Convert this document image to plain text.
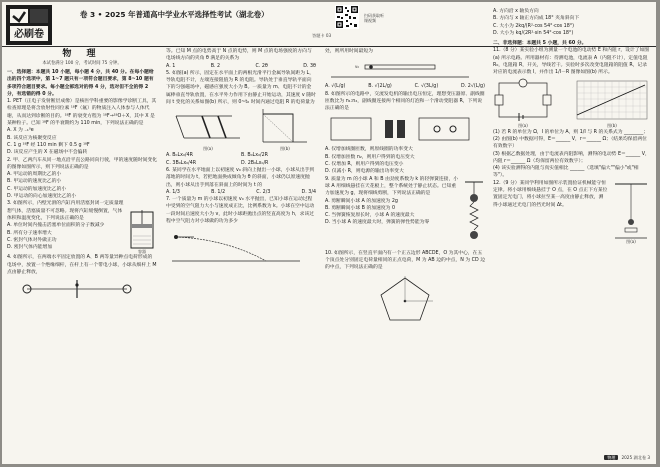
必刷卷
卷 3 • 2025 年普通高中学业水平选择性考试（湖北卷）
答题卡 03
扫码获取听课视频
物 理
本试卷满分 100 分，考试时间 75 分钟。

一、选择题：本题共 10 小题，每小题 4 分，共 40 分。在每小题给出的四个选项中，第 1~7 题只有一项符合题目要求，第 8~10 题有多项符合题目要求。每小题全部选对的得 4 分，选对但不全的得 2 分，有选错的得 0 分。

1. PET（正电子发射断层成像）是核医学科重要的影像学诊断工具，其检查原理是将含放射性同位素 ¹⁸F（氟）的物质注入人体参与人体代谢，从而达到诊断的目的。¹⁸F 的衰变方程为 ¹⁸F→¹⁸O＋X，其中 X 是某种粒子。已知 ¹⁸F 的半衰期约为 110 min，下列说法正确的是

A. X 为 ₋₁⁰e

B. 该反应为核聚变反应

C. 1 g ¹⁸F 经 110 min 剩下 0.5 g ¹⁸F

D. 该反应产生的 X 在磁场中不会偏转

2. 甲、乙两汽车从同一地点沿平直公路同向行驶，甲的速度随时间变化的图像如图所示，则下列说法正确的是

A. 甲运动的周期比乙的小

B. 甲运动的速度比乙的小

C. 甲运动的加速度比乙的小

D. 甲运动的向心加速度比乙的小

3. 如图所示，内壁光滑的汽缸内用活塞封闭一定质量理想气体，活塞质量不可忽略。现将汽缸缓慢倒置，气体体积和温度变化，下列说法正确的是

A. 单位时间内撞击活塞单位面积的分子数减少

B. 所有分子速率增大

C. 密封气体对外做正功

D. 密封气体内能增加

容器

4. 如图所示，在两端水平固定放置的 A、B 两等量异种点电荷形成的电场中，放置一个绝缘细杆，在杆上有一个带电小球，小球从细杆上 M 点由静止释放，

等。已知 M 点的电势高于 N 点的电势，则 M 点的电场强度的方向与电场线方向的夹角 θ 满足的关系为

A. 1	B. 2	C. 2θ	D. 3θ

5. 如图(a) 所示，固定在水平面上的两根光滑平行金属导轨间距为 L，导轨电阻不计，左端连接阻值为 R 的电阻。导轨处于垂直导轨平面向下的匀强磁场中，磁感应强度大小为 B。一质量为 m、电阻不计的金属棒垂直导轨放置，在水平外力作用下由静止开始运动，其速度 v 随时间 t 变化的关系如图(b) 所示，则 0~t₀ 时间内通过电阻 R 的电荷量为

图(a)	图(b)
A. B₀Lx₀/4R	B. B₀Lx₀/2R
C. 3B₀Lx₀/4R	D. 2B₀Lx₀/R

6. 某同学在水平地面上以初速度 v₀ 斜向上抛出一小球，小球从出手到落地的时间为 t，若把地面换成倾角为 θ 的斜面，小球仍以原速度抛出，则小球从出手到落在斜面上的时间为 t 的

A. 1/3	B. 1/2	C. 2/3	D. 3/4

7. 一个质量为 m 的小球以初速度 v₀ 水平抛出，已知小球在运动过程中受到的空气阻力大小与速度成正比，比例系数为 k。小球在空中运动一段时间后速度大小为 v，此时小球距抛出点的竖直高度为 h，求该过程中空气阻力对小球做的功为多少

处，则所用时间最短为

v₀
A. √(L/g)	B. √(2L/g)	C. √(3L/g)	D. 2√(L/g)

8. 如图所示的电路中，交流发电机的输出电压恒定，理想变压器原、副线圈匝数比为 n₁:n₂，副线圈连接两个相同的灯泡和一个滑动变阻器 R，下列说法正确的是

A. 仅增加线圈匝数，则原线圈的功率变大

B. 仅增加匝数 n₂，则用户得到的电压变大

C. 仅增加 R，则用户得到的电压变小

D. 仅减小 R，则电源的输出功率变大

9. 质量为 m 的小球 A 和 B 由劲度系数为 k 的轻弹簧连接，小球 A 用细线悬挂在天花板上，整个系统处于静止状态。已知重力加速度为 g，现将细线剪断，下列说法正确的是

A. 剪断瞬间小球 A 的加速度为 2g

B. 剪断瞬间小球 B 的加速度为 0

C. 当弹簧恢复原长时，小球 A 的速度最大

D. 当小球 A 的速度最大时，弹簧的弹性势能为零

10. 如图所示，在竖直平面内有一个正五边形 ABCDE，O 为其中心，在五个顶点处分别固定电荷量相同的正点电荷，M 为 AB 边的中点，N 为 CD 边的中点，下列说法正确的是

A. 方向沿 x 轴负方向

B. 方向与 x 轴正方向成 18° 夹角斜向下

C. 大小为 2kq/(R²·cos 54°·cos 18°)

D. 大小为 kq/(2R²·sin 54°·cos 18°)

二、非选择题：本题共 5 小题，共 60 分。

11.（8 分）某实验小组为测量一个电池的电动势 E 和内阻 r，设计了如图(a) 所示电路。所用器材有：待测电池，电流表 A（内阻不计），定值电阻 R₀，电阻箱 R，开关，导线若干。实验时多次改变电阻箱的阻值 R，记录对应的电流表示数 I，并作出 1/I－R 图像如图(b) 所示。

图(a)	图(b)

(1) 若 R 的单位为 Ω，I 的单位为 A，则 1/I 与 R 的关系式为 ________；

(2) 由图(b) 中数据可得，E＝______ V，r＝______ Ω；（结果均保留两位有效数字）

(3) 根据乙数据处理，由于电流表内阻影响，测得的电动势 E＝______ V，内阻 r＝______ Ω（均保留两位有效数字）；

(4) 该实验测得的内阻与真实值相比 ______（选填"偏大""偏小"或"相等"）。

12.（9 分）某同学利用如图所示装置验证机械能守恒定律。将小球用细线悬挂于 O 点，在 O 点正下方某位置固定光电门，将小球拉至某一高度由静止释放，测得小球通过光电门的挡光时间 Δt。

图(a)
物理 2025 湖北卷 3
